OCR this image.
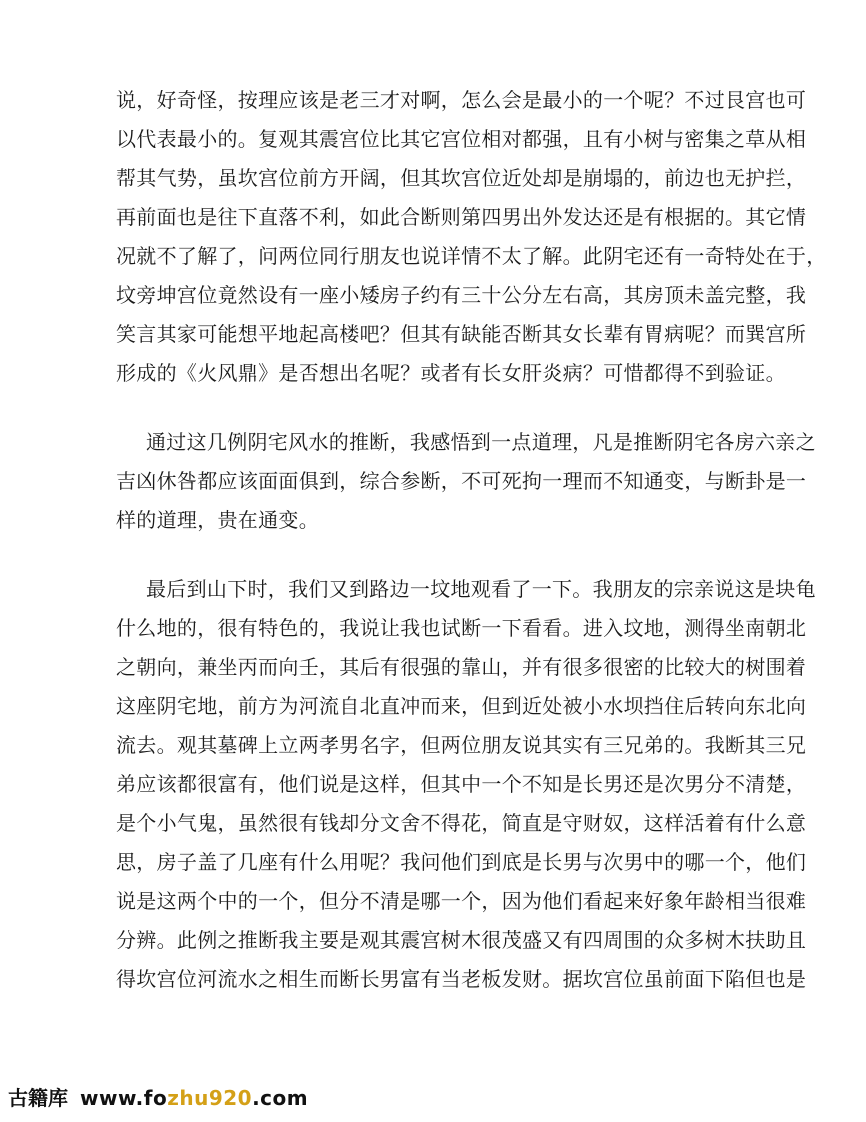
说，好奇怪，按理应该是老三才对啊，怎么会是最小的一个呢？不过艮宫也可
以代表最小的。复观其震宫位比其它宫位相对都强，且有小树与密集之草从相
帮其气势，虽坎宫位前方开阔，但其坎宫位近处却是崩塌的，前边也无护拦，
再前面也是往下直落不利，如此合断则第四男出外发达还是有根据的。其它情
况就不了解了，问两位同行朋友也说详情不太了解。此阴宅还有一奇特处在于，
坟旁坤宫位竟然设有一座小矮房子约有三十公分左右高，其房顶未盖完整，我
笑言其家可能想平地起高楼吧？但其有缺能否断其女长辈有胃病呢？而巽宫所
形成的《火风鼎》是否想出名呢？或者有长女肝炎病？可惜都得不到验证。
通过这几例阴宅风水的推断，我感悟到一点道理，凡是推断阴宅各房六亲之
吉凶休咎都应该面面俱到，综合参断，不可死拘一理而不知通变，与断卦是一
样的道理，贵在通变。
最后到山下时，我们又到路边一坟地观看了一下。我朋友的宗亲说这是块龟
什么地的，很有特色的，我说让我也试断一下看看。进入坟地，测得坐南朝北
之朝向，兼坐丙而向壬，其后有很强的靠山，并有很多很密的比较大的树围着
这座阴宅地，前方为河流自北直冲而来，但到近处被小水坝挡住后转向东北向
流去。观其墓碑上立两孝男名字，但两位朋友说其实有三兄弟的。我断其三兄
弟应该都很富有，他们说是这样，但其中一个不知是长男还是次男分不清楚，
是个小气鬼，虽然很有钱却分文舍不得花，简直是守财奴，这样活着有什么意
思，房子盖了几座有什么用呢？我问他们到底是长男与次男中的哪一个，他们
说是这两个中的一个，但分不清是哪一个，因为他们看起来好象年龄相当很难
分辨。此例之推断我主要是观其震宫树木很茂盛又有四周围的众多树木扶助且
得坎宫位河流水之相生而断长男富有当老板发财。据坎宫位虽前面下陷但也是
古籍库 www.fozhu920.com
